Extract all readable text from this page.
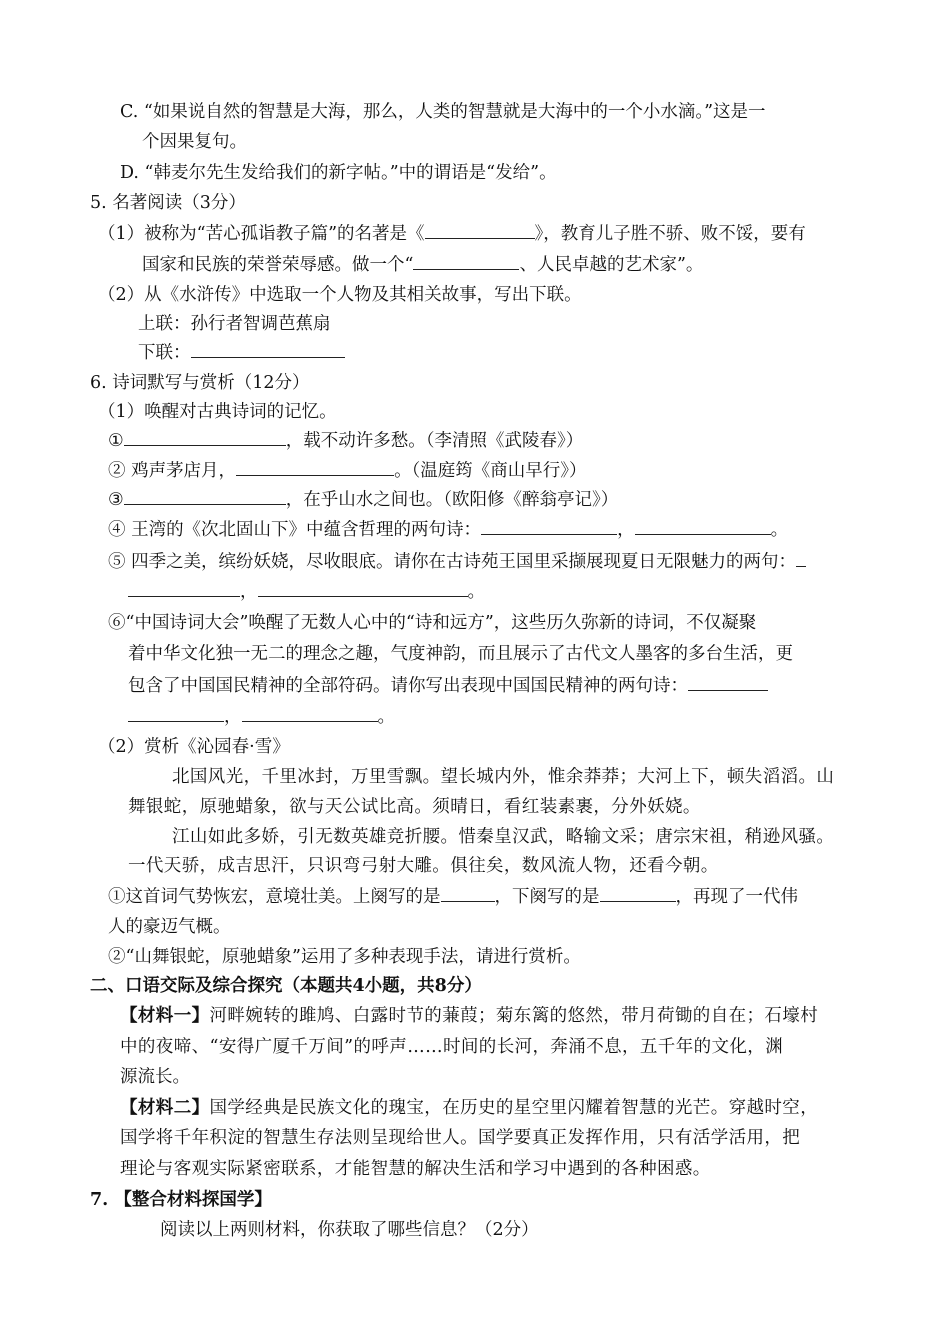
C. “如果说自然的智慧是大海，那么，人类的智慧就是大海中的一个小水滴。”这是一
个因果复句。
D. “韩麦尔先生发给我们的新字帖。”中的谓语是“发给”。
5. 名著阅读（3分）
（1）被称为“苦心孤诣教子篇”的名著是《	》，教育儿子胜不骄、败不馁，要有
国家和民族的荣誉荣辱感。做一个“	、人民卓越的艺术家”。
（2）从《水浒传》中选取一个人物及其相关故事，写出下联。
上联：孙行者智调芭蕉扇
下联：
6. 诗词默写与赏析（12分）
（1）唤醒对古典诗词的记忆。
①	，载不动许多愁。（李清照《武陵春》）
② 鸡声茅店月，	。（温庭筠《商山早行》）
③	，在乎山水之间也。（欧阳修《醉翁亭记》）
④ 王湾的《次北固山下》中蕴含哲理的两句诗：	，	。
⑤ 四季之美，缤纷妖娆，尽收眼底。请你在古诗苑王国里采撷展现夏日无限魅力的两句：
，	。
⑥“中国诗词大会”唤醒了无数人心中的“诗和远方”，这些历久弥新的诗词，不仅凝聚
着中华文化独一无二的理念之趣，气度神韵，而且展示了古代文人墨客的多台生活，更
包含了中国国民精神的全部符码。请你写出表现中国国民精神的两句诗：
，	。
（2）赏析《沁园春·雪》
北国风光，千里冰封，万里雪飘。望长城内外，惟余莽莽；大河上下，顿失滔滔。山
舞银蛇，原驰蜡象，欲与天公试比高。须晴日，看红装素裹，分外妖娆。
江山如此多娇，引无数英雄竞折腰。惜秦皇汉武，略输文采；唐宗宋祖，稍逊风骚。
一代天骄，成吉思汗，只识弯弓射大雕。俱往矣，数风流人物，还看今朝。
①这首词气势恢宏，意境壮美。上阕写的是	，下阕写的是	，再现了一代伟
人的豪迈气概。
②“山舞银蛇，原驰蜡象”运用了多种表现手法，请进行赏析。
二、口语交际及综合探究（本题共4小题，共8分）
【材料一】河畔婉转的雎鸠、白露时节的蒹葭；菊东篱的悠然，带月荷锄的自在；石壕村
中的夜啼、“安得广厦千万间”的呼声……时间的长河，奔涌不息，五千年的文化，渊
源流长。
【材料二】国学经典是民族文化的瑰宝，在历史的星空里闪耀着智慧的光芒。穿越时空，
国学将千年积淀的智慧生存法则呈现给世人。国学要真正发挥作用，只有活学活用，把
理论与客观实际紧密联系，才能智慧的解决生活和学习中遇到的各种困惑。
7. 【整合材料探国学】
阅读以上两则材料，你获取了哪些信息？（2分）
